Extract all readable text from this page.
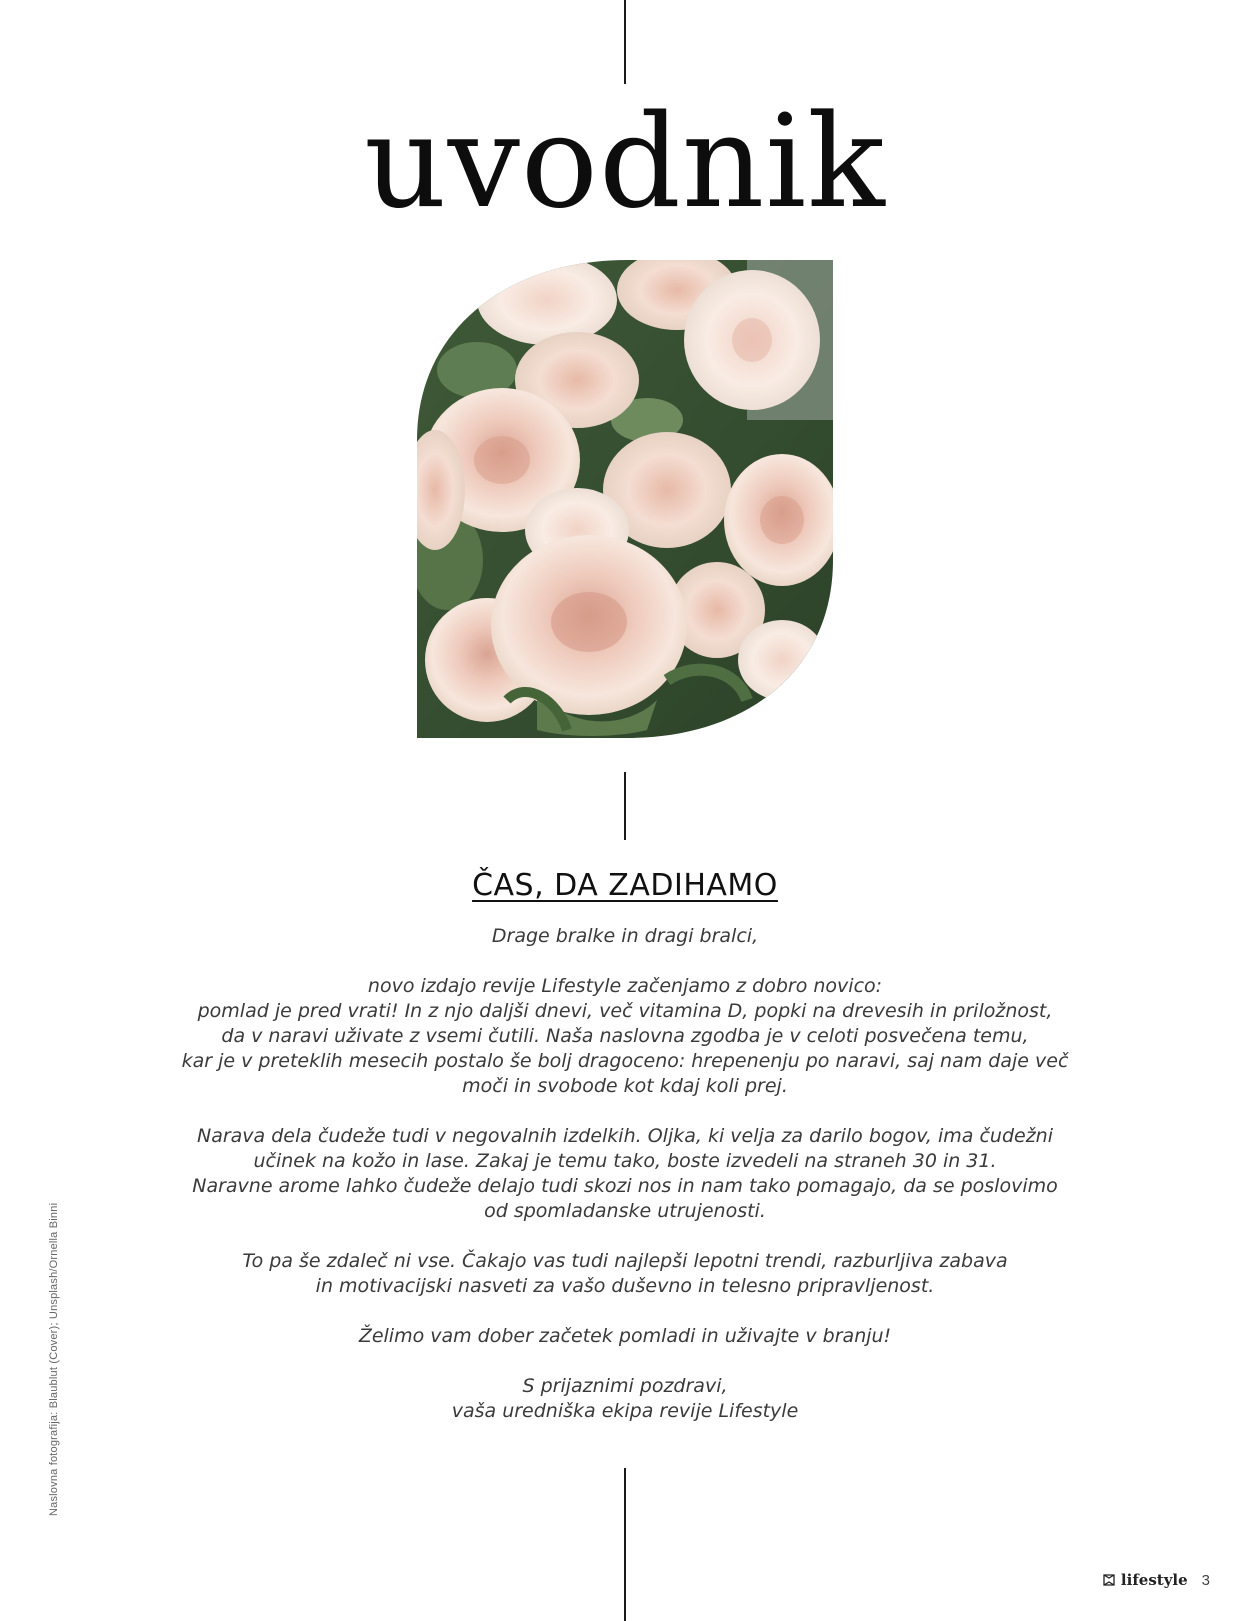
uvodnik
ČAS, DA ZADIHAMO

Drage bralke in dragi bralci,

novo izdajo revije Lifestyle začenjamo z dobro novico:
pomlad je pred vrati! In z njo daljši dnevi, več vitamina D, popki na drevesih in priložnost,
da v naravi uživate z vsemi čutili. Naša naslovna zgodba je v celoti posvečena temu,
kar je v preteklih mesecih postalo še bolj dragoceno: hrepenenju po naravi, saj nam daje več
moči in svobode kot kdaj koli prej.

Narava dela čudeže tudi v negovalnih izdelkih. Oljka, ki velja za darilo bogov, ima čudežni
učinek na kožo in lase. Zakaj je temu tako, boste izvedeli na straneh 30 in 31.
Naravne arome lahko čudeže delajo tudi skozi nos in nam tako pomagajo, da se poslovimo
od spomladanske utrujenosti.

To pa še zdaleč ni vse. Čakajo vas tudi najlepši lepotni trendi, razburljiva zabava
in motivacijski nasveti za vašo duševno in telesno pripravljenost.

Želimo vam dober začetek pomladi in uživajte v branju!

S prijaznimi pozdravi,
vaša uredniška ekipa revije Lifestyle

Naslovna fotografija: Blaublut (Cover); Unsplash/Ornella Binni
lifestyle 3
